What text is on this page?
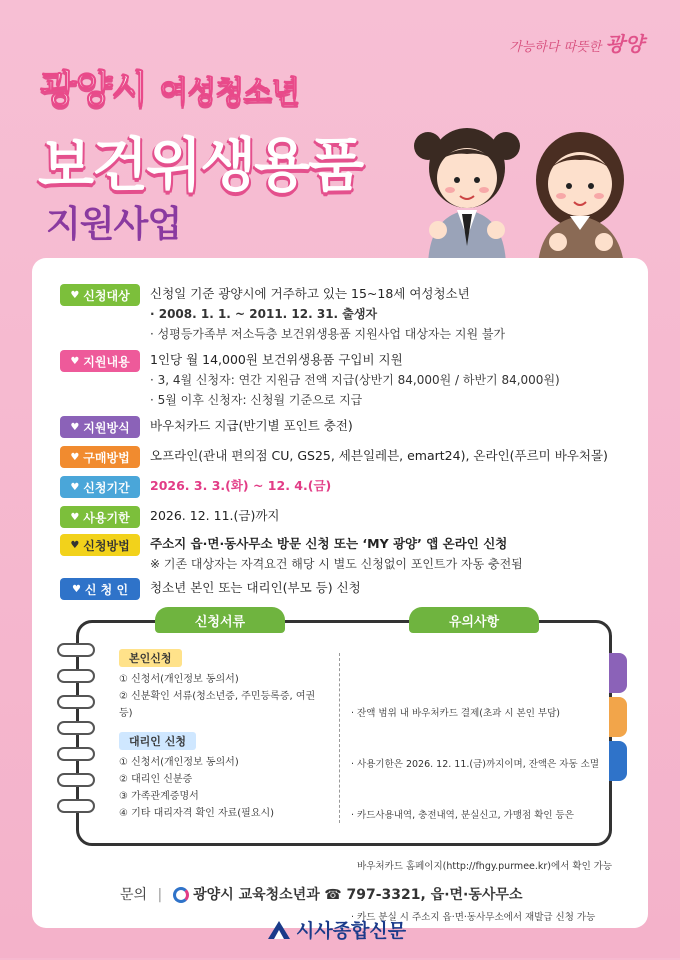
가능하다 따뜻한 광양
광양시 여성청소년
보건위생용품
지원사업
♥ 신청대상 신청일 기준 광양시에 거주하고 있는 15~18세 여성청소년
· 2008. 1. 1. ~ 2011. 12. 31. 출생자
· 성평등가족부 저소득층 보건위생용품 지원사업 대상자는 지원 불가
♥ 지원내용 1인당 월 14,000원 보건위생용품 구입비 지원
· 3, 4월 신청자: 연간 지원금 전액 지급(상반기 84,000원 / 하반기 84,000원)
· 5월 이후 신청자: 신청월 기준으로 지급
♥ 지원방식 바우처카드 지급(반기별 포인트 충전)
♥ 구매방법 오프라인(관내 편의점 CU, GS25, 세븐일레븐, emart24), 온라인(푸르미 바우처몰)
♥ 신청기간 2026. 3. 3.(화) ~ 12. 4.(금)
♥ 사용기한 2026. 12. 11.(금)까지
♥ 신청방법 주소지 읍·면·동사무소 방문 신청 또는 ‘MY 광양’ 앱 온라인 신청
※ 기존 대상자는 자격요건 해당 시 별도 신청없이 포인트가 자동 충전됨
♥ 신 청 인 청소년 본인 또는 대리인(부모 등) 신청
신청서류	유의사항
본인신청
① 신청서(개인정보 동의서)
② 신분확인 서류(청소년증, 주민등록증, 여권 등)
대리인 신청
① 신청서(개인정보 동의서)
② 대리인 신분증
③ 가족관계증명서
④ 기타 대리자격 확인 자료(필요시)

· 잔액 범위 내 바우처카드 결제(초과 시 본인 부담)

· 사용기한은 2026. 12. 11.(금)까지이며, 잔액은 자동 소멸

· 카드사용내역, 충전내역, 분실신고, 가맹점 확인 등은

바우처카드 홈페이지(http://fhgy.purmee.kr)에서 확인 가능

· 카드 분실 시 주소지 읍·면·동사무소에서 재발급 신청 가능

문의 | 광양시 교육청소년과 ☎ 797-3321, 읍·면·동사무소
시사종합신문
